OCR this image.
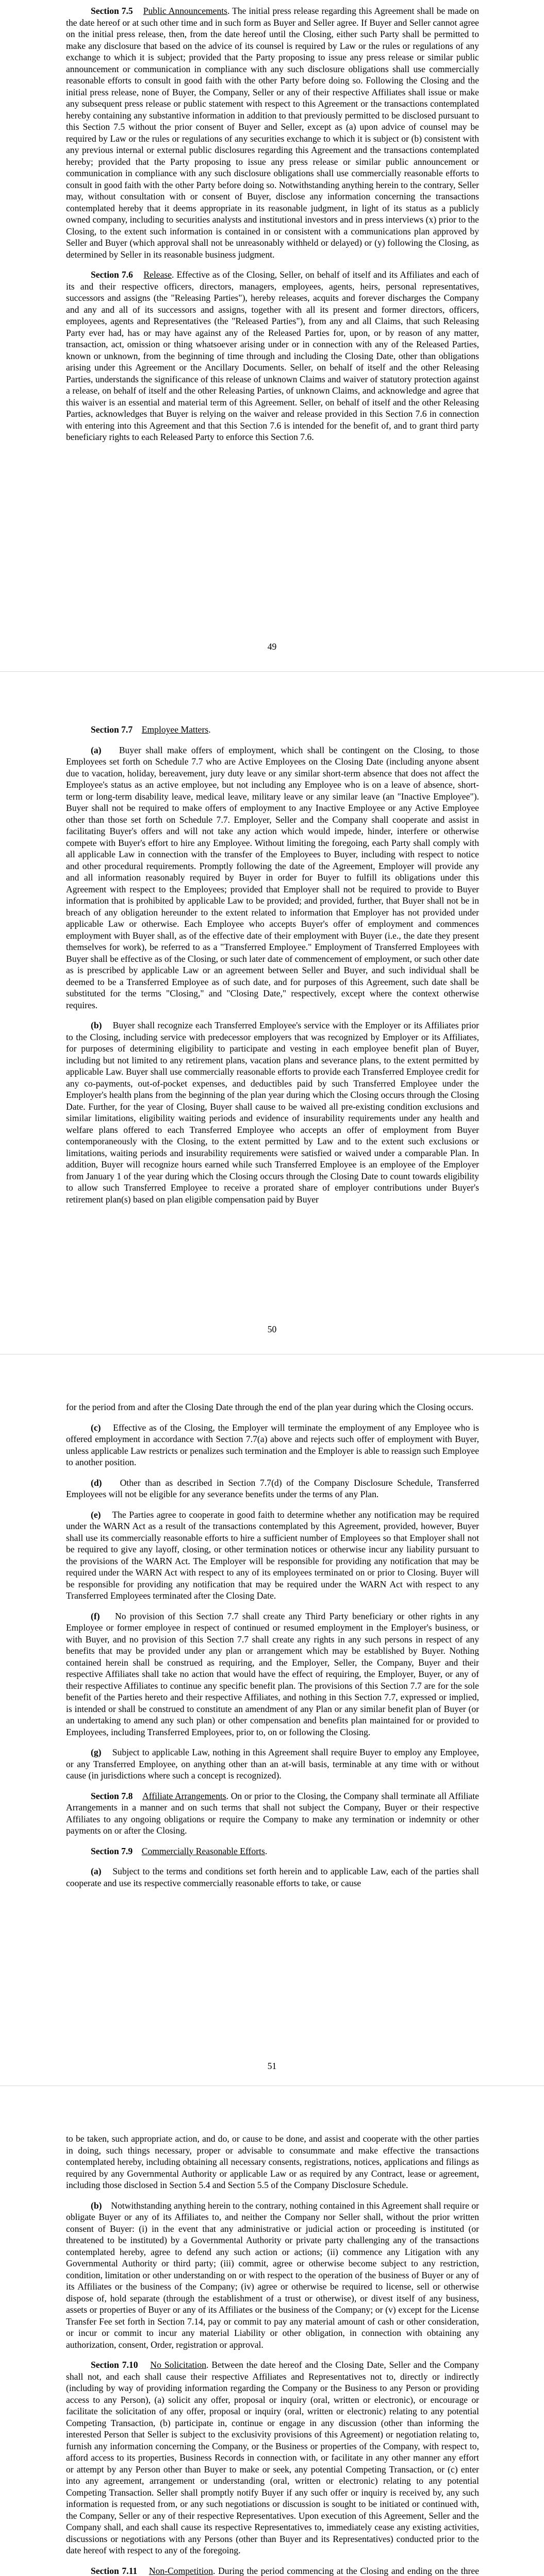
Section 7.5 Public Announcements. The initial press release regarding this Agreement shall be made on the date hereof or at such other time and in such form as Buyer and Seller agree. If Buyer and Seller cannot agree on the initial press release, then, from the date hereof until the Closing, either such Party shall be permitted to make any disclosure that based on the advice of its counsel is required by Law or the rules or regulations of any exchange to which it is subject; provided that the Party proposing to issue any press release or similar public announcement or communication in compliance with any such disclosure obligations shall use commercially reasonable efforts to consult in good faith with the other Party before doing so. Following the Closing and the initial press release, none of Buyer, the Company, Seller or any of their respective Affiliates shall issue or make any subsequent press release or public statement with respect to this Agreement or the transactions contemplated hereby containing any substantive information in addition to that previously permitted to be disclosed pursuant to this Section 7.5 without the prior consent of Buyer and Seller, except as (a) upon advice of counsel may be required by Law or the rules or regulations of any securities exchange to which it is subject or (b) consistent with any previous internal or external public disclosures regarding this Agreement and the transactions contemplated hereby; provided that the Party proposing to issue any press release or similar public announcement or communication in compliance with any such disclosure obligations shall use commercially reasonable efforts to consult in good faith with the other Party before doing so. Notwithstanding anything herein to the contrary, Seller may, without consultation with or consent of Buyer, disclose any information concerning the transactions contemplated hereby that it deems appropriate in its reasonable judgment, in light of its status as a publicly owned company, including to securities analysts and institutional investors and in press interviews (x) prior to the Closing, to the extent such information is contained in or consistent with a communications plan approved by Seller and Buyer (which approval shall not be unreasonably withheld or delayed) or (y) following the Closing, as determined by Seller in its reasonable business judgment.

Section 7.6 Release. Effective as of the Closing, Seller, on behalf of itself and its Affiliates and each of its and their respective officers, directors, managers, employees, agents, heirs, personal representatives, successors and assigns (the "Releasing Parties"), hereby releases, acquits and forever discharges the Company and any and all of its successors and assigns, together with all its present and former directors, officers, employees, agents and Representatives (the "Released Parties"), from any and all Claims, that such Releasing Party ever had, has or may have against any of the Released Parties for, upon, or by reason of any matter, transaction, act, omission or thing whatsoever arising under or in connection with any of the Released Parties, known or unknown, from the beginning of time through and including the Closing Date, other than obligations arising under this Agreement or the Ancillary Documents. Seller, on behalf of itself and the other Releasing Parties, understands the significance of this release of unknown Claims and waiver of statutory protection against a release, on behalf of itself and the other Releasing Parties, of unknown Claims, and acknowledge and agree that this waiver is an essential and material term of this Agreement. Seller, on behalf of itself and the other Releasing Parties, acknowledges that Buyer is relying on the waiver and release provided in this Section 7.6 in connection with entering into this Agreement and that this Section 7.6 is intended for the benefit of, and to grant third party beneficiary rights to each Released Party to enforce this Section 7.6.

49

Section 7.7 Employee Matters.

(a) Buyer shall make offers of employment, which shall be contingent on the Closing, to those Employees set forth on Schedule 7.7 who are Active Employees on the Closing Date (including anyone absent due to vacation, holiday, bereavement, jury duty leave or any similar short-term absence that does not affect the Employee's status as an active employee, but not including any Employee who is on a leave of absence, short-term or long-term disability leave, medical leave, military leave or any similar leave (an "Inactive Employee"). Buyer shall not be required to make offers of employment to any Inactive Employee or any Active Employee other than those set forth on Schedule 7.7. Employer, Seller and the Company shall cooperate and assist in facilitating Buyer's offers and will not take any action which would impede, hinder, interfere or otherwise compete with Buyer's effort to hire any Employee. Without limiting the foregoing, each Party shall comply with all applicable Law in connection with the transfer of the Employees to Buyer, including with respect to notice and other procedural requirements. Promptly following the date of the Agreement, Employer will provide any and all information reasonably required by Buyer in order for Buyer to fulfill its obligations under this Agreement with respect to the Employees; provided that Employer shall not be required to provide to Buyer information that is prohibited by applicable Law to be provided; and provided, further, that Buyer shall not be in breach of any obligation hereunder to the extent related to information that Employer has not provided under applicable Law or otherwise. Each Employee who accepts Buyer's offer of employment and commences employment with Buyer shall, as of the effective date of their employment with Buyer (i.e., the date they present themselves for work), be referred to as a "Transferred Employee." Employment of Transferred Employees with Buyer shall be effective as of the Closing, or such later date of commencement of employment, or such other date as is prescribed by applicable Law or an agreement between Seller and Buyer, and such individual shall be deemed to be a Transferred Employee as of such date, and for purposes of this Agreement, such date shall be substituted for the terms "Closing," and "Closing Date," respectively, except where the context otherwise requires.

(b) Buyer shall recognize each Transferred Employee's service with the Employer or its Affiliates prior to the Closing, including service with predecessor employers that was recognized by Employer or its Affiliates, for purposes of determining eligibility to participate and vesting in each employee benefit plan of Buyer, including but not limited to any retirement plans, vacation plans and severance plans, to the extent permitted by applicable Law. Buyer shall use commercially reasonable efforts to provide each Transferred Employee credit for any co-payments, out-of-pocket expenses, and deductibles paid by such Transferred Employee under the Employer's health plans from the beginning of the plan year during which the Closing occurs through the Closing Date. Further, for the year of Closing, Buyer shall cause to be waived all pre-existing condition exclusions and similar limitations, eligibility waiting periods and evidence of insurability requirements under any health and welfare plans offered to each Transferred Employee who accepts an offer of employment from Buyer contemporaneously with the Closing, to the extent permitted by Law and to the extent such exclusions or limitations, waiting periods and insurability requirements were satisfied or waived under a comparable Plan. In addition, Buyer will recognize hours earned while such Transferred Employee is an employee of the Employer from January 1 of the year during which the Closing occurs through the Closing Date to count towards eligibility to allow such Transferred Employee to receive a prorated share of employer contributions under Buyer's retirement plan(s) based on plan eligible compensation paid by Buyer

50

for the period from and after the Closing Date through the end of the plan year during which the Closing occurs.

(c) Effective as of the Closing, the Employer will terminate the employment of any Employee who is offered employment in accordance with Section 7.7(a) above and rejects such offer of employment with Buyer, unless applicable Law restricts or penalizes such termination and the Employer is able to reassign such Employee to another position.

(d) Other than as described in Section 7.7(d) of the Company Disclosure Schedule, Transferred Employees will not be eligible for any severance benefits under the terms of any Plan.

(e) The Parties agree to cooperate in good faith to determine whether any notification may be required under the WARN Act as a result of the transactions contemplated by this Agreement, provided, however, Buyer shall use its commercially reasonable efforts to hire a sufficient number of Employees so that Employer shall not be required to give any layoff, closing, or other termination notices or otherwise incur any liability pursuant to the provisions of the WARN Act. The Employer will be responsible for providing any notification that may be required under the WARN Act with respect to any of its employees terminated on or prior to Closing. Buyer will be responsible for providing any notification that may be required under the WARN Act with respect to any Transferred Employees terminated after the Closing Date.

(f) No provision of this Section 7.7 shall create any Third Party beneficiary or other rights in any Employee or former employee in respect of continued or resumed employment in the Employer's business, or with Buyer, and no provision of this Section 7.7 shall create any rights in any such persons in respect of any benefits that may be provided under any plan or arrangement which may be established by Buyer. Nothing contained herein shall be construed as requiring, and the Employer, Seller, the Company, Buyer and their respective Affiliates shall take no action that would have the effect of requiring, the Employer, Buyer, or any of their respective Affiliates to continue any specific benefit plan. The provisions of this Section 7.7 are for the sole benefit of the Parties hereto and their respective Affiliates, and nothing in this Section 7.7, expressed or implied, is intended or shall be construed to constitute an amendment of any Plan or any similar benefit plan of Buyer (or an undertaking to amend any such plan) or other compensation and benefits plan maintained for or provided to Employees, including Transferred Employees, prior to, on or following the Closing.

(g) Subject to applicable Law, nothing in this Agreement shall require Buyer to employ any Employee, or any Transferred Employee, on anything other than an at-will basis, terminable at any time with or without cause (in jurisdictions where such a concept is recognized).

Section 7.8 Affiliate Arrangements. On or prior to the Closing, the Company shall terminate all Affiliate Arrangements in a manner and on such terms that shall not subject the Company, Buyer or their respective Affiliates to any ongoing obligations or require the Company to make any termination or indemnity or other payments on or after the Closing.

Section 7.9 Commercially Reasonable Efforts.

(a) Subject to the terms and conditions set forth herein and to applicable Law, each of the parties shall cooperate and use its respective commercially reasonable efforts to take, or cause

51

to be taken, such appropriate action, and do, or cause to be done, and assist and cooperate with the other parties in doing, such things necessary, proper or advisable to consummate and make effective the transactions contemplated hereby, including obtaining all necessary consents, registrations, notices, applications and filings as required by any Governmental Authority or applicable Law or as required by any Contract, lease or agreement, including those disclosed in Section 5.4 and Section 5.5 of the Company Disclosure Schedule.

(b) Notwithstanding anything herein to the contrary, nothing contained in this Agreement shall require or obligate Buyer or any of its Affiliates to, and neither the Company nor Seller shall, without the prior written consent of Buyer: (i) in the event that any administrative or judicial action or proceeding is instituted (or threatened to be instituted) by a Governmental Authority or private party challenging any of the transactions contemplated hereby, agree to defend any such action or actions; (ii) commence any Litigation with any Governmental Authority or third party; (iii) commit, agree or otherwise become subject to any restriction, condition, limitation or other understanding on or with respect to the operation of the business of Buyer or any of its Affiliates or the business of the Company; (iv) agree or otherwise be required to license, sell or otherwise dispose of, hold separate (through the establishment of a trust or otherwise), or divest itself of any business, assets or properties of Buyer or any of its Affiliates or the business of the Company; or (v) except for the License Transfer Fee set forth in Section 7.14, pay or commit to pay any material amount of cash or other consideration, or incur or commit to incur any material Liability or other obligation, in connection with obtaining any authorization, consent, Order, registration or approval.

Section 7.10 No Solicitation. Between the date hereof and the Closing Date, Seller and the Company shall not, and each shall cause their respective Affiliates and Representatives not to, directly or indirectly (including by way of providing information regarding the Company or the Business to any Person or providing access to any Person), (a) solicit any offer, proposal or inquiry (oral, written or electronic), or encourage or facilitate the solicitation of any offer, proposal or inquiry (oral, written or electronic) relating to any potential Competing Transaction, (b) participate in, continue or engage in any discussion (other than informing the interested Person that Seller is subject to the exclusivity provisions of this Agreement) or negotiation relating to, furnish any information concerning the Company, or the Business or properties of the Company, with respect to, afford access to its properties, Business Records in connection with, or facilitate in any other manner any effort or attempt by any Person other than Buyer to make or seek, any potential Competing Transaction, or (c) enter into any agreement, arrangement or understanding (oral, written or electronic) relating to any potential Competing Transaction. Seller shall promptly notify Buyer if any such offer or inquiry is received by, any such information is requested from, or any such negotiations or discussion is sought to be initiated or continued with, the Company, Seller or any of their respective Representatives. Upon execution of this Agreement, Seller and the Company shall, and each shall cause its respective Representatives to, immediately cease any existing activities, discussions or negotiations with any Persons (other than Buyer and its Representatives) conducted prior to the date hereof with respect to any of the foregoing.

Section 7.11 Non-Competition. During the period commencing at the Closing and ending on the three
